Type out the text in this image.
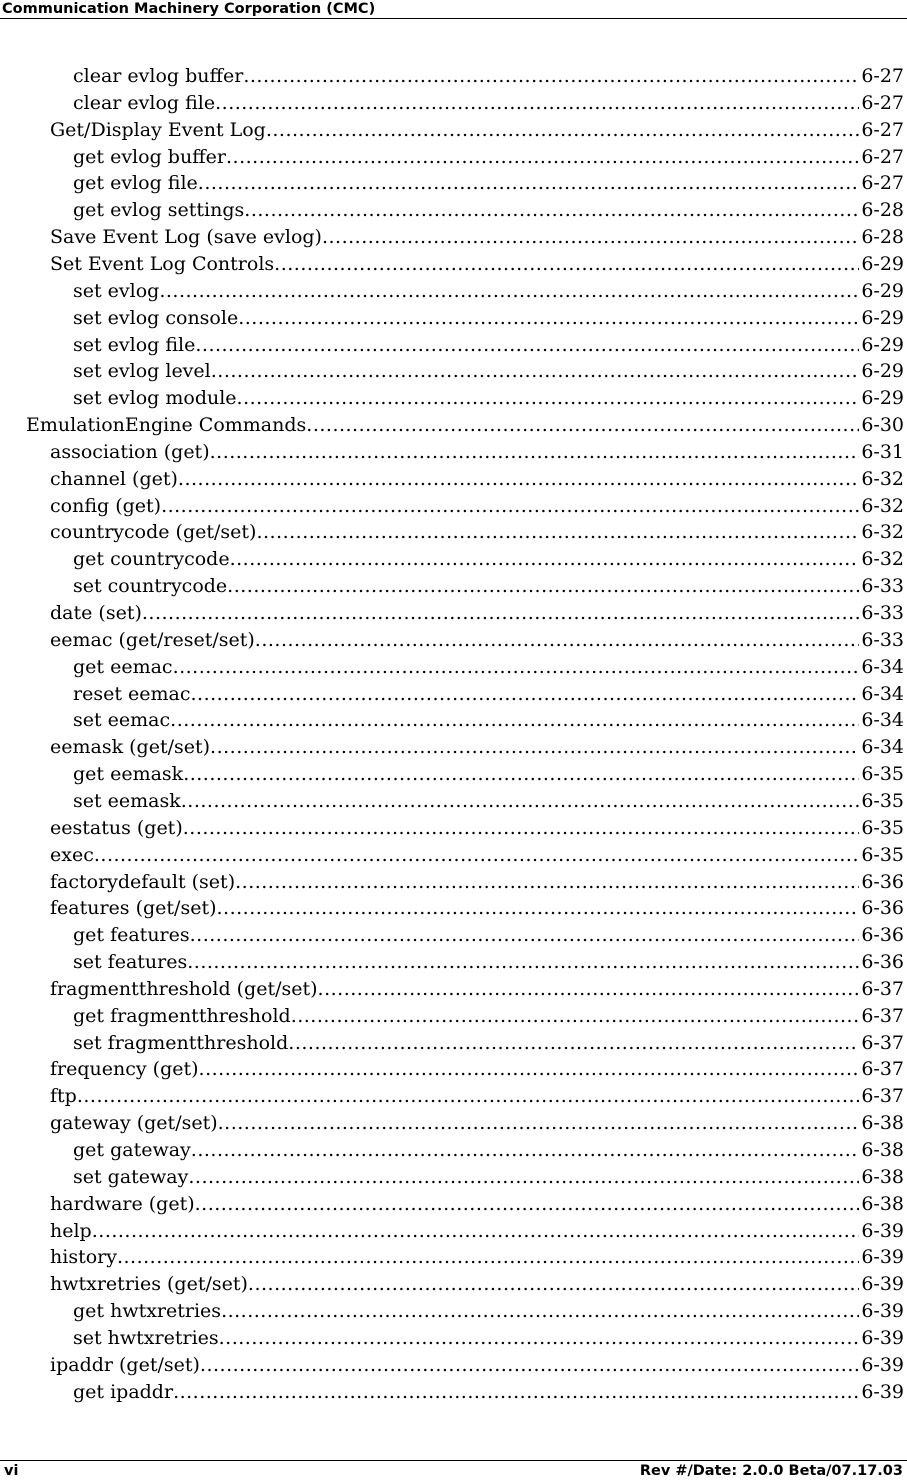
Communication Machinery Corporation (CMC)
clear evlog buffer .....	6-27
clear evlog file .....	6-27
Get/Display Event Log .....	6-27
get evlog buffer .....	6-27
get evlog file .....	6-27
get evlog settings .....	6-28
Save Event Log (save evlog) .....	6-28
Set Event Log Controls .....	6-29
set evlog .....	6-29
set evlog console .....	6-29
set evlog file .....	6-29
set evlog level .....	6-29
set evlog module .....	6-29
EmulationEngine Commands .....	6-30
association (get) .....	6-31
channel (get) .....	6-32
config (get) .....	6-32
countrycode (get/set) .....	6-32
get countrycode .....	6-32
set countrycode .....	6-33
date (set) .....	6-33
eemac (get/reset/set) .....	6-33
get eemac .....	6-34
reset eemac .....	6-34
set eemac .....	6-34
eemask (get/set) .....	6-34
get eemask .....	6-35
set eemask .....	6-35
eestatus (get) .....	6-35
exec .....	6-35
factorydefault (set) .....	6-36
features (get/set) .....	6-36
get features .....	6-36
set features .....	6-36
fragmentthreshold (get/set) .....	6-37
get fragmentthreshold .....	6-37
set fragmentthreshold .....	6-37
frequency (get) .....	6-37
ftp .....	6-37
gateway (get/set) .....	6-38
get gateway .....	6-38
set gateway .....	6-38
hardware (get) .....	6-38
help .....	6-39
history .....	6-39
hwtxretries (get/set) .....	6-39
get hwtxretries .....	6-39
set hwtxretries .....	6-39
ipaddr (get/set) .....	6-39
get ipaddr .....	6-39
vi	Rev #/Date: 2.0.0 Beta/07.17.03
